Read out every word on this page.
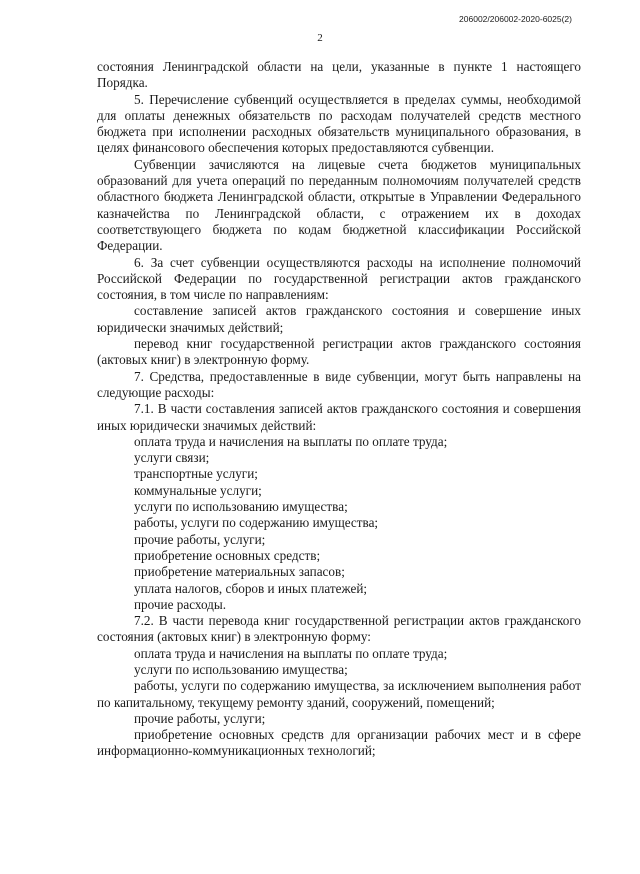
2
206002/206002-2020-6025(2)

состояния Ленинградской области на цели, указанные в пункте 1 настоящего Порядка.

5. Перечисление субвенций осуществляется в пределах суммы, необходимой для оплаты денежных обязательств по расходам получателей средств местного бюджета при исполнении расходных обязательств муниципального образования, в целях финансового обеспечения которых предоставляются субвенции.

Субвенции зачисляются на лицевые счета бюджетов муниципальных образований для учета операций по переданным полномочиям получателей средств областного бюджета Ленинградской области, открытые в Управлении Федерального казначейства по Ленинградской области, с отражением их в доходах соответствующего бюджета по кодам бюджетной классификации Российской Федерации.

6. За счет субвенции осуществляются расходы на исполнение полномочий Российской Федерации по государственной регистрации актов гражданского состояния, в том числе по направлениям:

составление записей актов гражданского состояния и совершение иных юридически значимых действий;

перевод книг государственной регистрации актов гражданского состояния (актовых книг) в электронную форму.

7. Средства, предоставленные в виде субвенции, могут быть направлены на следующие расходы:

7.1. В части составления записей актов гражданского состояния и совершения иных юридически значимых действий:

оплата труда и начисления на выплаты по оплате труда;

услуги связи;

транспортные услуги;

коммунальные услуги;

услуги по использованию имущества;

работы, услуги по содержанию имущества;

прочие работы, услуги;

приобретение основных средств;

приобретение материальных запасов;

уплата налогов, сборов и иных платежей;

прочие расходы.

7.2. В части перевода книг государственной регистрации актов гражданского состояния (актовых книг) в электронную форму:

оплата труда и начисления на выплаты по оплате труда;

услуги по использованию имущества;

работы, услуги по содержанию имущества, за исключением выполнения работ по капитальному, текущему ремонту зданий, сооружений, помещений;

прочие работы, услуги;

приобретение основных средств для организации рабочих мест и в сфере информационно-коммуникационных технологий;
